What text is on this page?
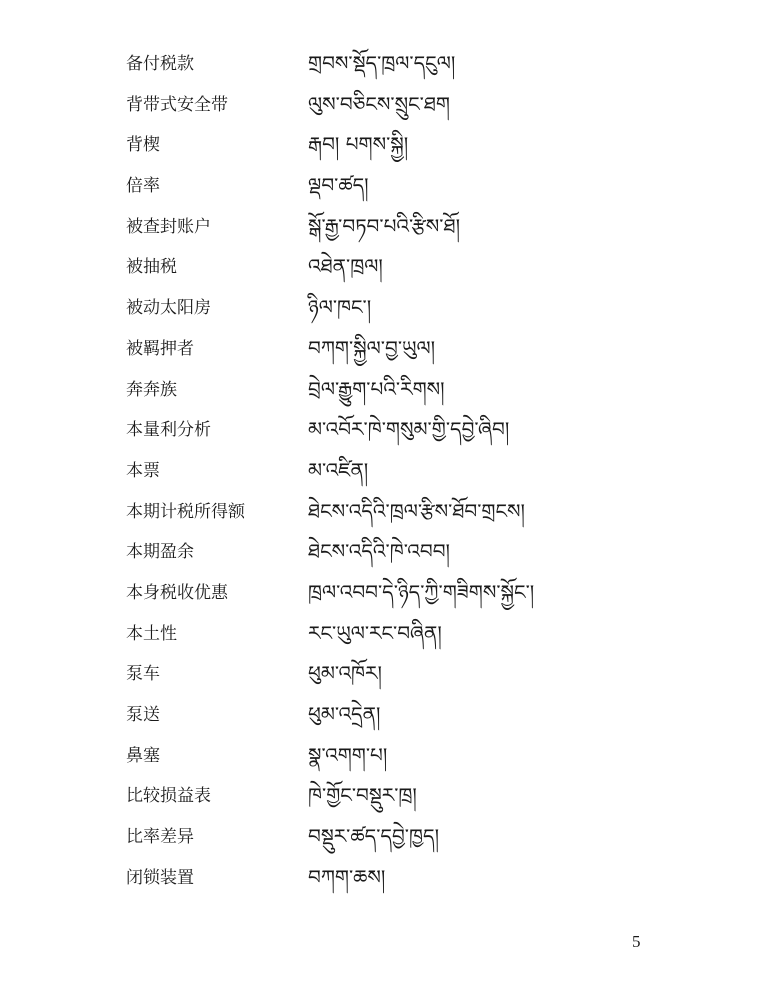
备付税款	གྲབས་སྡོད་ཁྲལ་དངུལ།
背带式安全带	ལུས་བཅིངས་སྲུང་ཐག
背楔	རྒབ། པགས་སྐྱི།
倍率	ལྡབ་ཚད།
被查封账户	སྒོ་རྒྱ་བཏབ་པའི་རྩིས་ཐོ།
被抽税	འཐེན་ཁྲལ།
被动太阳房	ཉིལ་ཁང་།
被羁押者	བཀག་སྐྱིལ་བྱ་ཡུལ།
奔奔族	བྲེལ་རྒྱུག་པའི་རིགས།
本量利分析	མ་འབོར་ཁེ་གསུམ་གྱི་དབྱེ་ཞིབ།
本票	མ་འཛིན།
本期计税所得额	ཐེངས་འདིའི་ཁྲལ་རྩིས་ཐོབ་གྲངས།
本期盈余	ཐེངས་འདིའི་ཁེ་འབབ།
本身税收优惠	ཁྲལ་འབབ་དེ་ཉིད་ཀྱི་གཟིགས་སྐྱོང་།
本土性	རང་ཡུལ་རང་བཞིན།
泵车	ཕུམ་འཁོར།
泵送	ཕུམ་འདྲེན།
鼻塞	སྣ་འགག་པ།
比较损益表	ཁེ་གྱོང་བསྡུར་ཁྲ།
比率差异	བསྡུར་ཚད་དབྱེ་ཁྱད།
闭锁装置	བཀག་ཆས།
5
